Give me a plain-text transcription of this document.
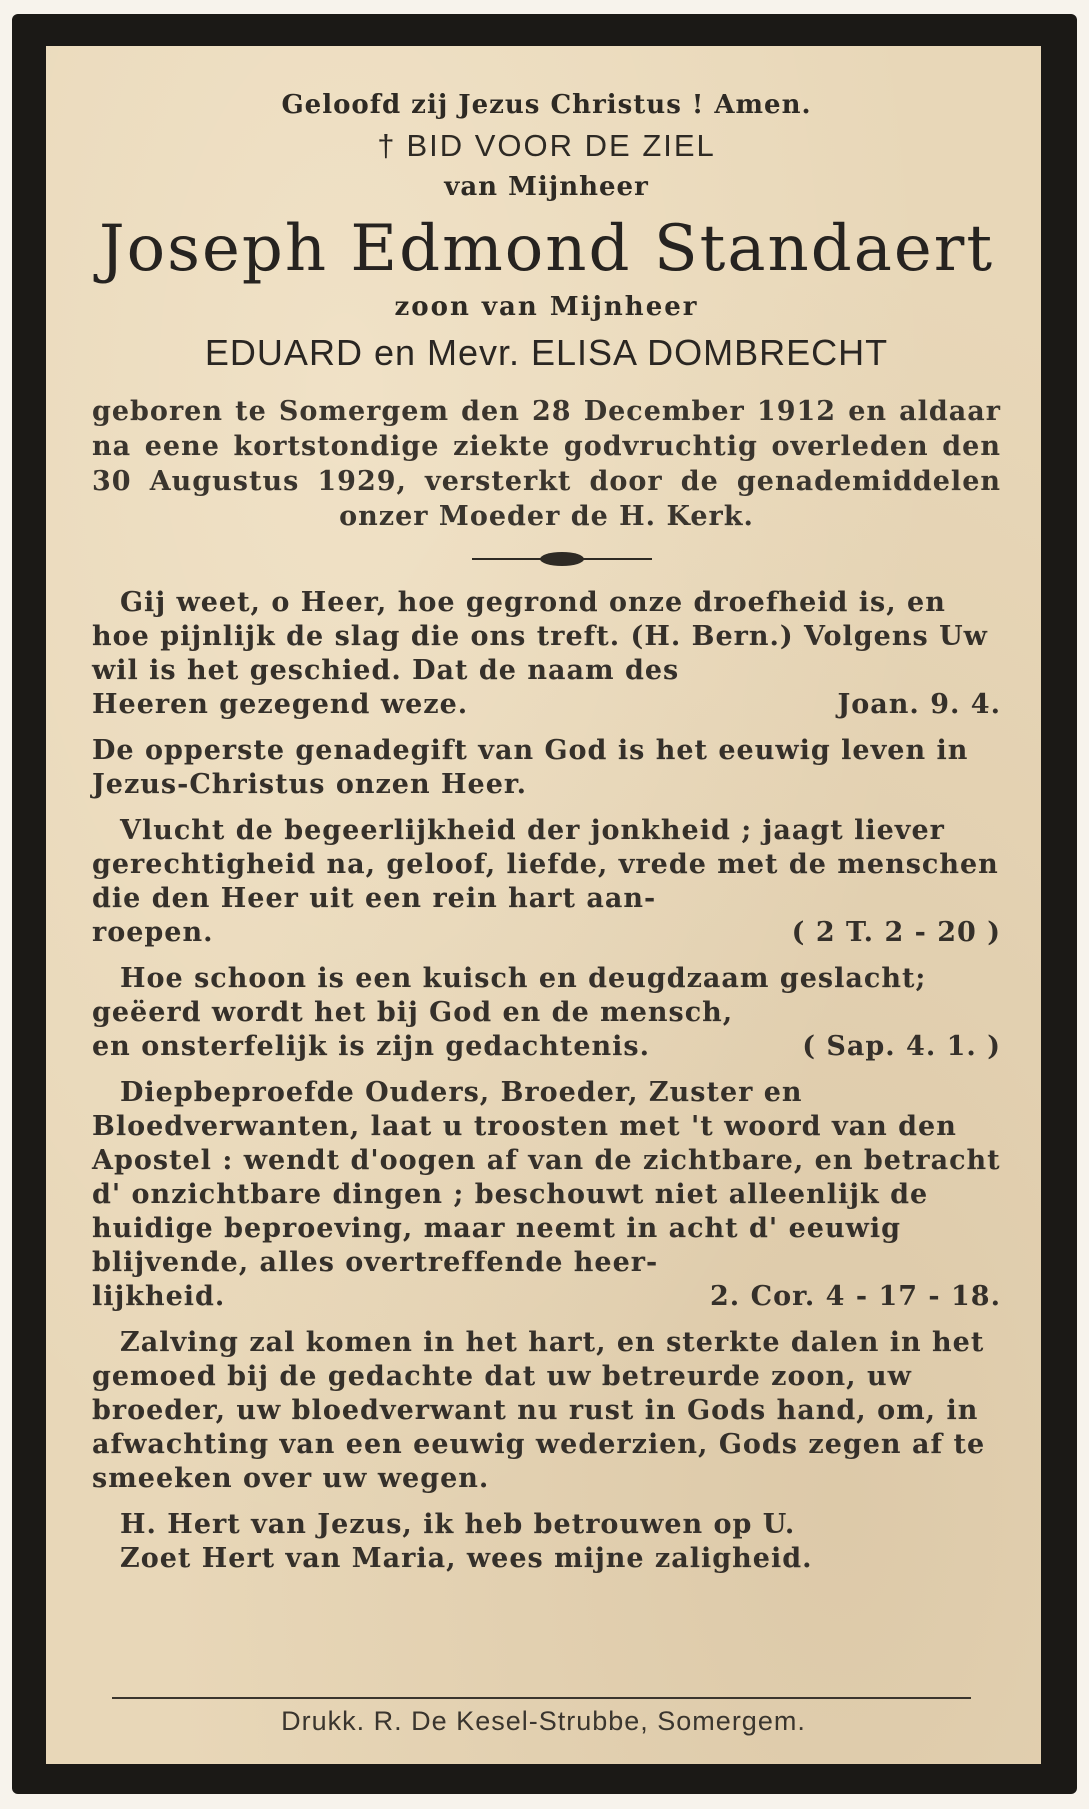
Geloofd zij Jezus Christus ! Amen.
† BID VOOR DE ZIEL
van Mijnheer
Joseph Edmond Standaert
zoon van Mijnheer
EDUARD en Mevr. ELISA DOMBRECHT
geboren te Somergem den 28 December 1912 en aldaar na eene kortstondige ziekte godvruchtig overleden den 30 Augustus 1929, versterkt door de genademiddelen onzer Moeder de H. Kerk.
Gij weet, o Heer, hoe gegrond onze droefheid is, en hoe pijnlijk de slag die ons treft. (H. Bern.) Volgens Uw wil is het geschied. Dat de naam des
Heeren gezegend weze.	Joan. 9. 4.
De opperste genadegift van God is het eeuwig leven in Jezus-Christus onzen Heer.
Vlucht de begeerlijkheid der jonkheid ; jaagt liever gerechtigheid na, geloof, liefde, vrede met de menschen die den Heer uit een rein hart aan-
roepen.	( 2 T. 2 - 20 )
Hoe schoon is een kuisch en deugdzaam geslacht; geëerd wordt het bij God en de mensch,
en onsterfelijk is zijn gedachtenis.	( Sap. 4. 1. )
Diepbeproefde Ouders, Broeder, Zuster en Bloedverwanten, laat u troosten met 't woord van den Apostel : wendt d'oogen af van de zichtbare, en betracht d' onzichtbare dingen ; beschouwt niet alleenlijk de huidige beproeving, maar neemt in acht d' eeuwig blijvende, alles overtreffende heer-
lijkheid.	2. Cor. 4 - 17 - 18.
Zalving zal komen in het hart, en sterkte dalen in het gemoed bij de gedachte dat uw betreurde zoon, uw broeder, uw bloedverwant nu rust in Gods hand, om, in afwachting van een eeuwig wederzien, Gods zegen af te smeeken over uw wegen.
H. Hert van Jezus, ik heb betrouwen op U.
Zoet Hert van Maria, wees mijne zaligheid.
Drukk. R. De Kesel-Strubbe, Somergem.
